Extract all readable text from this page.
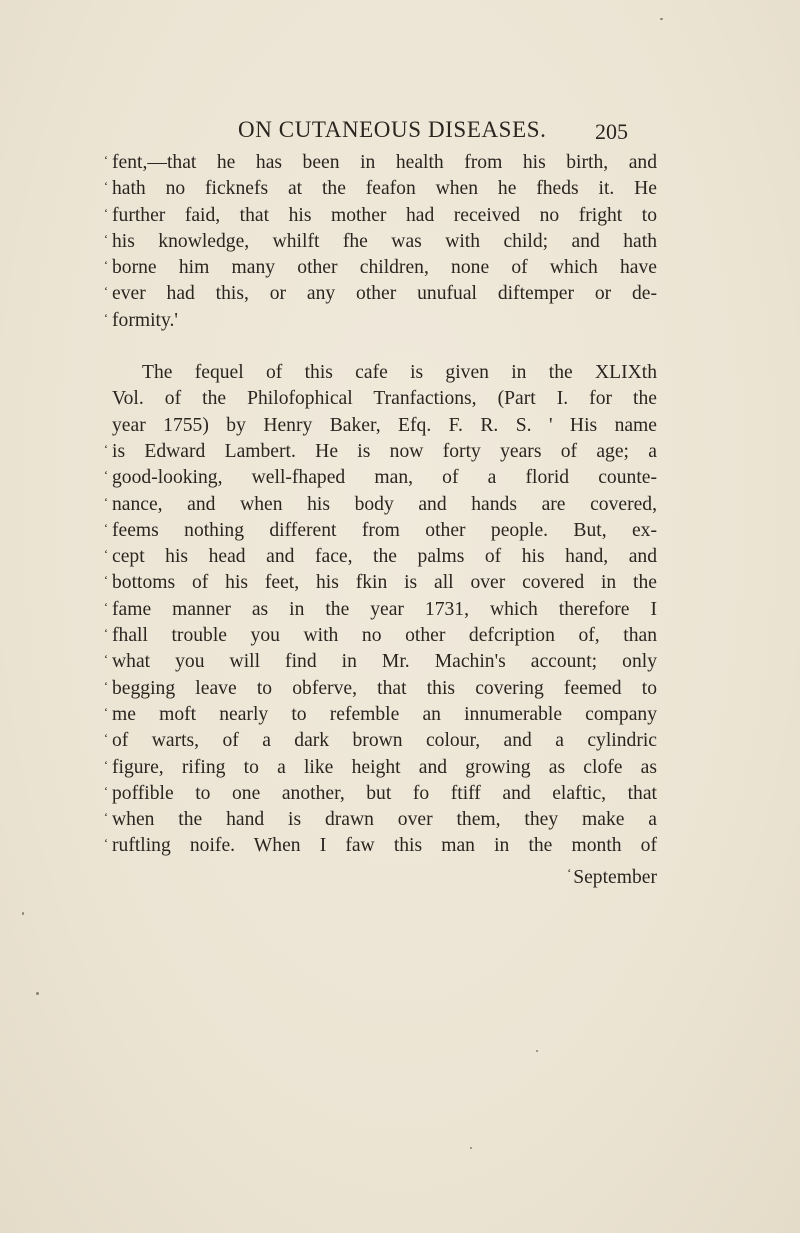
ON CUTANEOUS DISEASES. 205
‘ fent,—that he has been in health from his birth, and
‘ hath no ficknefs at the feafon when he fheds it. He
‘ further faid, that his mother had received no fright to
‘ his knowledge, whilft fhe was with child; and hath
‘ borne him many other children, none of which have
‘ ever had this, or any other unufual diftemper or de-
‘ formity.'
The fequel of this cafe is given in the XLIXth
Vol. of the Philofophical Tranfactions, (Part I. for the
year 1755) by Henry Baker, Efq. F. R. S. ' His name
‘ is Edward Lambert. He is now forty years of age; a
‘ good-looking, well-fhaped man, of a florid counte-
‘ nance, and when his body and hands are covered,
‘ feems nothing different from other people. But, ex-
‘ cept his head and face, the palms of his hand, and
‘ bottoms of his feet, his fkin is all over covered in the
‘ fame manner as in the year 1731, which therefore I
‘ fhall trouble you with no other defcription of, than
‘ what you will find in Mr. Machin's account; only
‘ begging leave to obferve, that this covering feemed to
‘ me moft nearly to refemble an innumerable company
‘ of warts, of a dark brown colour, and a cylindric
‘ figure, rifing to a like height and growing as clofe as
‘ poffible to one another, but fo ftiff and elaftic, that
‘ when the hand is drawn over them, they make a
‘ ruftling noife. When I faw this man in the month of
‘ September
